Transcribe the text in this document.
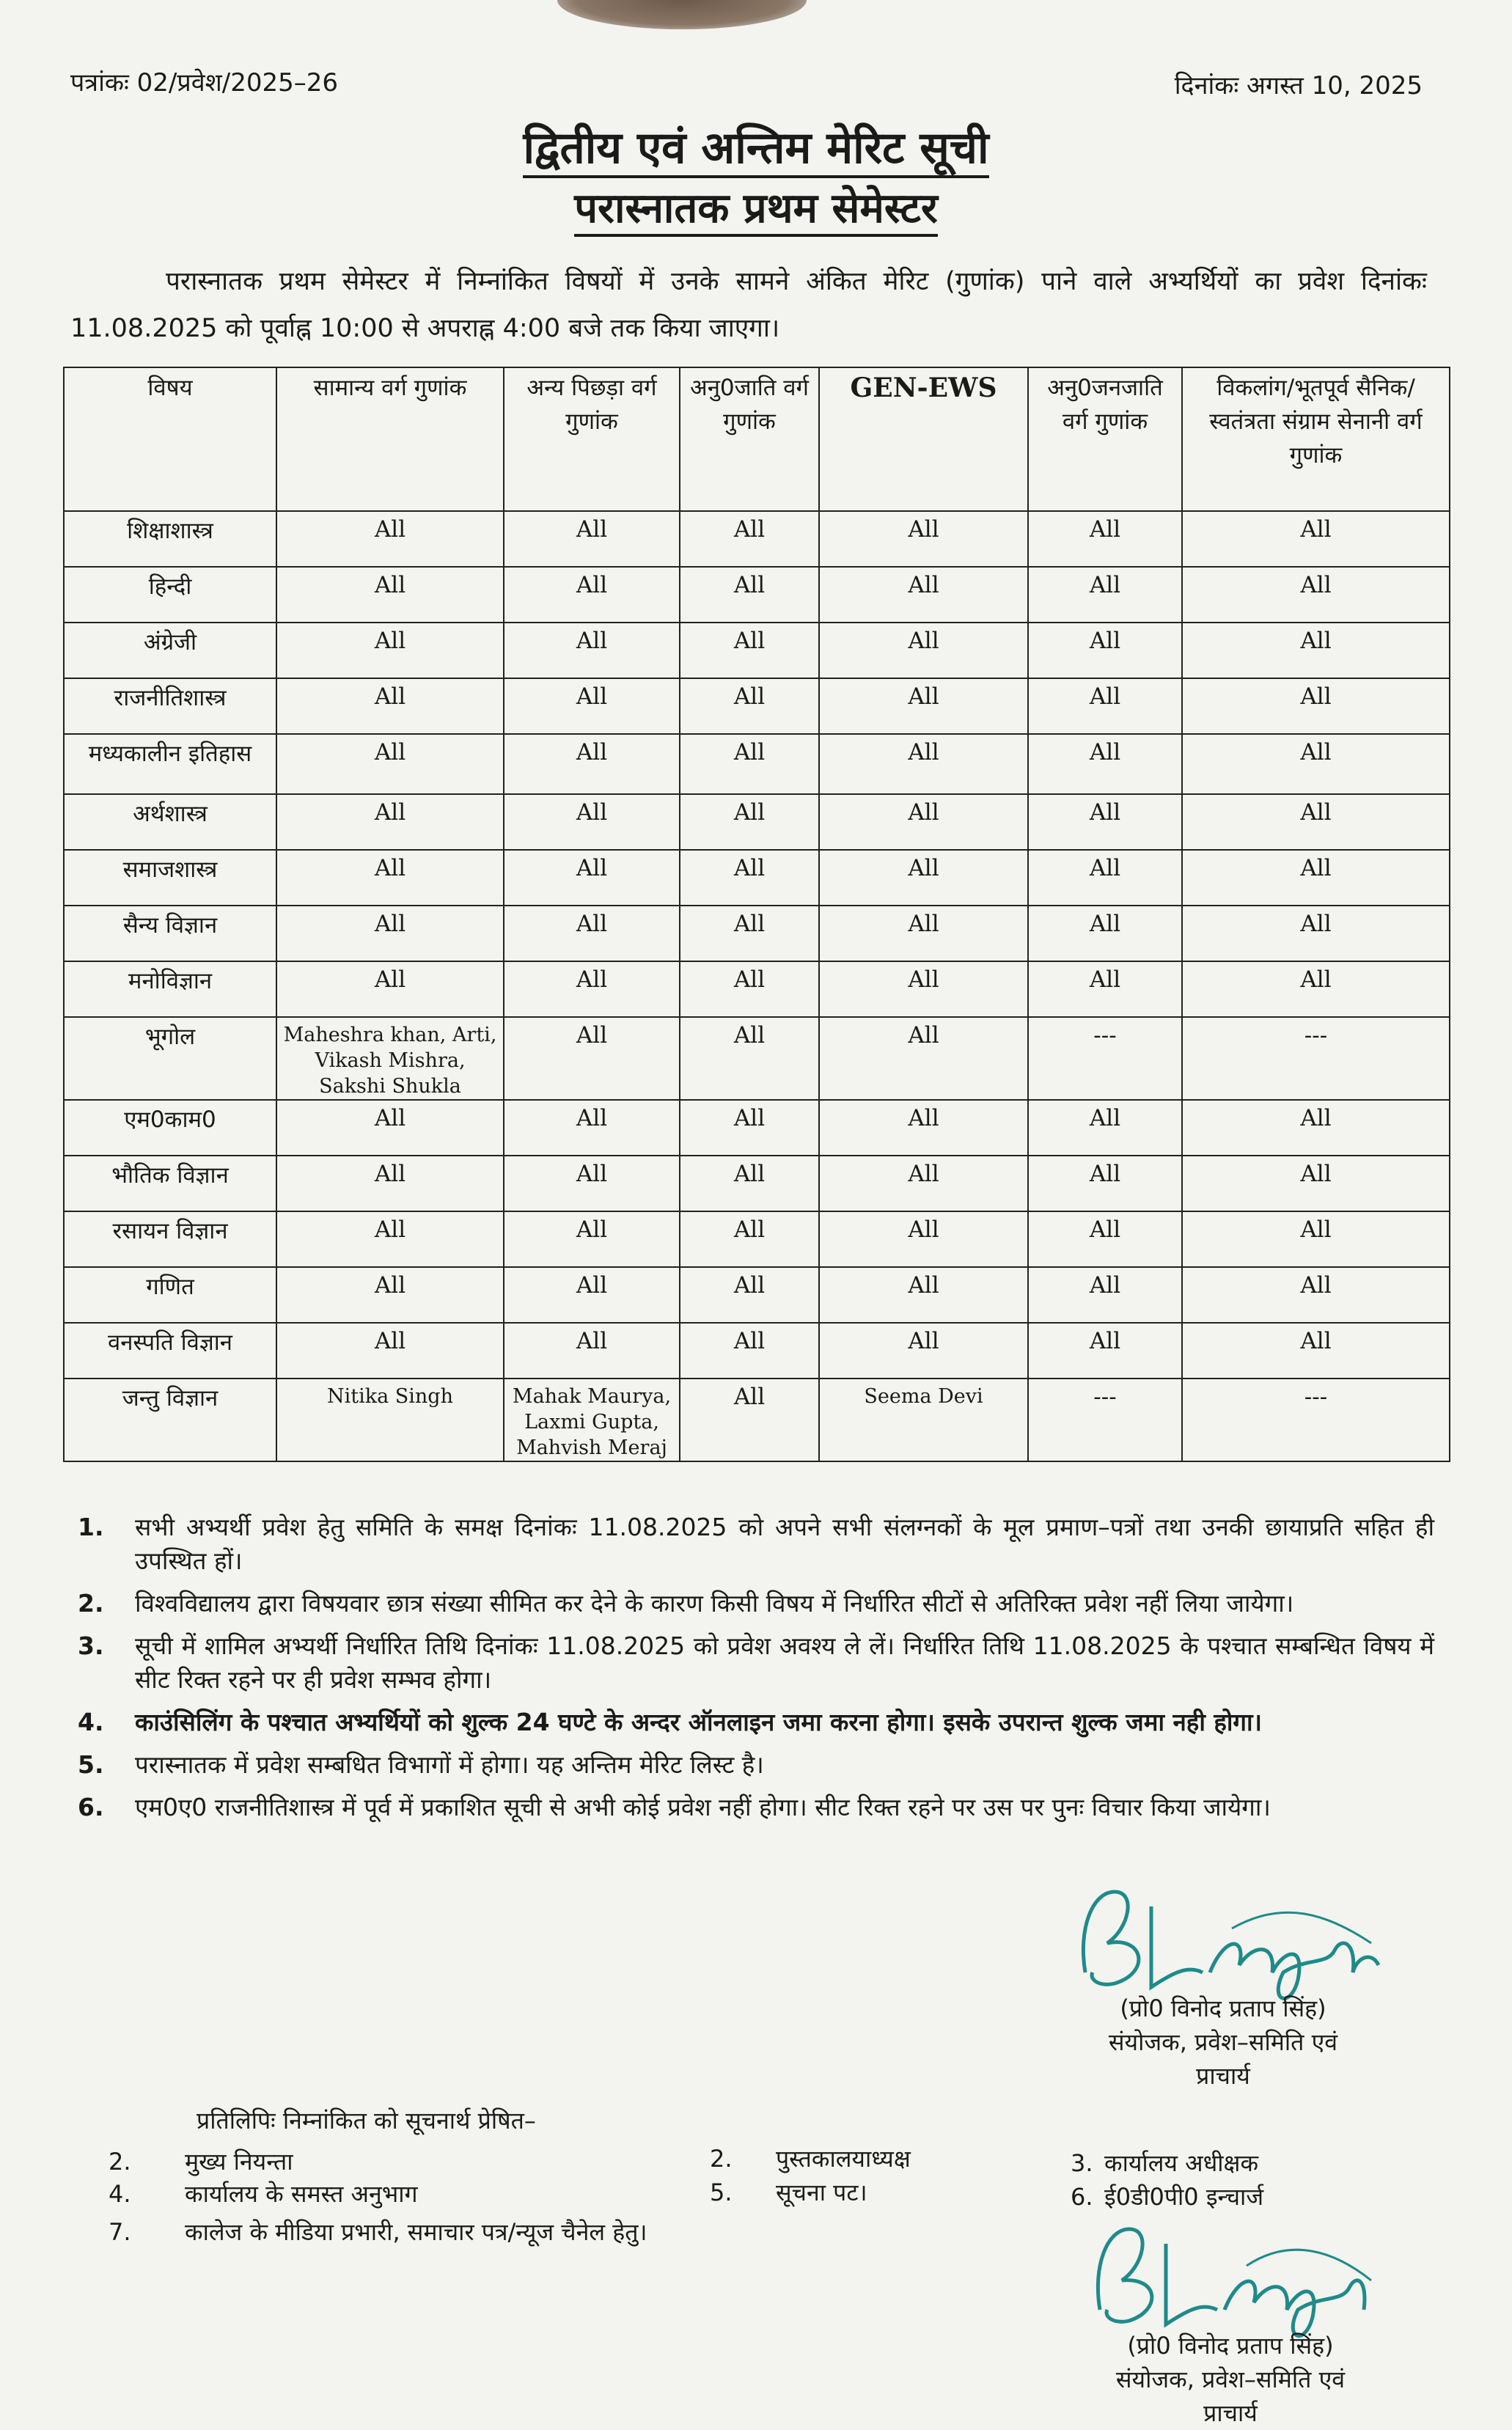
पत्रांकः 02/प्रवेश/2025–26	दिनांकः अगस्त 10, 2025
द्वितीय एवं अन्तिम मेरिट सूची
परास्नातक प्रथम सेमेस्टर
परास्नातक प्रथम सेमेस्टर में निम्नांकित विषयों में उनके सामने अंकित मेरिट (गुणांक) पाने वाले अभ्यर्थियों का प्रवेश दिनांकः 11.08.2025 को पूर्वाह्न 10:00 से अपराह्न 4:00 बजे तक किया जाएगा।
विषय	सामान्य वर्ग गुणांक	अन्य पिछड़ा वर्ग गुणांक	अनु0जाति वर्ग गुणांक	GEN-EWS	अनु0जनजाति वर्ग गुणांक	विकलांग/भूतपूर्व सैनिक/स्वतंत्रता संग्राम सेनानी वर्ग गुणांक
शिक्षाशास्त्र	All	All	All	All	All	All
हिन्दी	All	All	All	All	All	All
अंग्रेजी	All	All	All	All	All	All
राजनीतिशास्त्र	All	All	All	All	All	All
मध्यकालीन इतिहास	All	All	All	All	All	All
अर्थशास्त्र	All	All	All	All	All	All
समाजशास्त्र	All	All	All	All	All	All
सैन्य विज्ञान	All	All	All	All	All	All
मनोविज्ञान	All	All	All	All	All	All
भूगोल	Maheshra khan, Arti, Vikash Mishra, Sakshi Shukla	All	All	All	---	---
एम0काम0	All	All	All	All	All	All
भौतिक विज्ञान	All	All	All	All	All	All
रसायन विज्ञान	All	All	All	All	All	All
गणित	All	All	All	All	All	All
वनस्पति विज्ञान	All	All	All	All	All	All
जन्तु विज्ञान	Nitika Singh	Mahak Maurya, Laxmi Gupta, Mahvish Meraj	All	Seema Devi	---	---
1. सभी अभ्यर्थी प्रवेश हेतु समिति के समक्ष दिनांकः 11.08.2025 को अपने सभी संलग्नकों के मूल प्रमाण–पत्रों तथा उनकी छायाप्रति सहित ही उपस्थित हों।
2. विश्वविद्यालय द्वारा विषयवार छात्र संख्या सीमित कर देने के कारण किसी विषय में निर्धारित सीटों से अतिरिक्त प्रवेश नहीं लिया जायेगा।
3. सूची में शामिल अभ्यर्थी निर्धारित तिथि दिनांकः 11.08.2025 को प्रवेश अवश्य ले लें। निर्धारित तिथि 11.08.2025 के पश्चात सम्बन्धित विषय में सीट रिक्त रहने पर ही प्रवेश सम्भव होगा।
4. काउंसिलिंग के पश्चात अभ्यर्थियों को शुल्क 24 घण्टे के अन्दर ऑनलाइन जमा करना होगा। इसके उपरान्त शुल्क जमा नही होगा।
5. परास्नातक में प्रवेश सम्बधित विभागों में होगा। यह अन्तिम मेरिट लिस्ट है।
6. एम0ए0 राजनीतिशास्त्र में पूर्व में प्रकाशित सूची से अभी कोई प्रवेश नहीं होगा। सीट रिक्त रहने पर उस पर पुनः विचार किया जायेगा।
(प्रो0 विनोद प्रताप सिंह)
संयोजक, प्रवेश–समिति एवं
प्राचार्य
प्रतिलिपिः निम्नांकित को सूचनार्थ प्रेषित–
2. मुख्य नियन्ता	2. पुस्तकालयाध्यक्ष	3. कार्यालय अधीक्षक
4. कार्यालय के समस्त अनुभाग	5. सूचना पट।	6. ई0डी0पी0 इन्चार्ज
7. कालेज के मीडिया प्रभारी, समाचार पत्र/न्यूज चैनेल हेतु।
(प्रो0 विनोद प्रताप सिंह)
संयोजक, प्रवेश–समिति एवं
प्राचार्य
